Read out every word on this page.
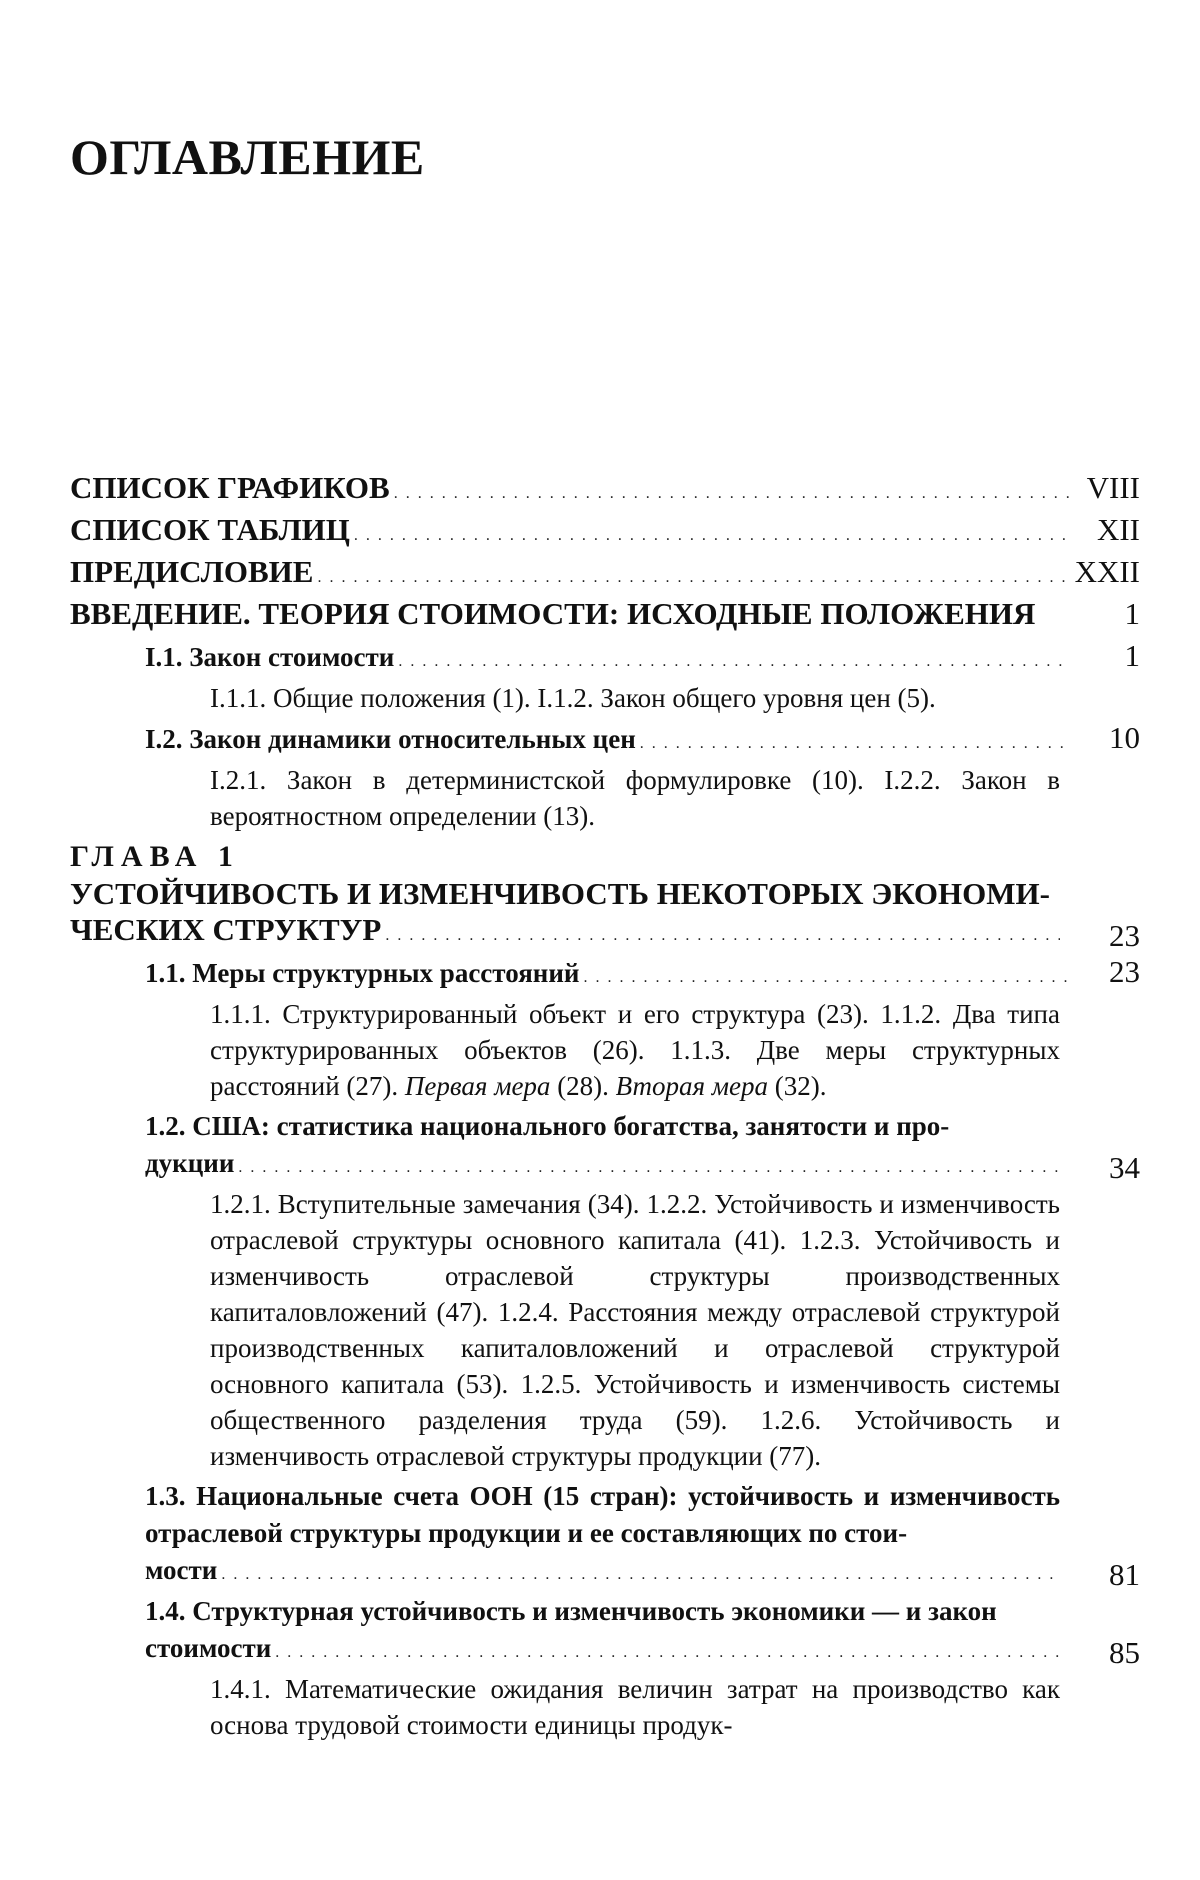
ОГЛАВЛЕНИЕ
СПИСОК ГРАФИКОВ . . .	VIII
СПИСОК ТАБЛИЦ . . .	XII
ПРЕДИСЛОВИЕ . . .	XXII
ВВЕДЕНИЕ. ТЕОРИЯ СТОИМОСТИ: ИСХОДНЫЕ ПОЛОЖЕНИЯ	1
I.1. Закон стоимости . . .	1
I.1.1. Общие положения (1). I.1.2. Закон общего уровня цен (5).
I.2. Закон динамики относительных цен . . .	10
I.2.1. Закон в детерминистской формулировке (10). I.2.2. Закон в вероятностном определении (13).
ГЛАВА 1
УСТОЙЧИВОСТЬ И ИЗМЕНЧИВОСТЬ НЕКОТОРЫХ ЭКОНОМИ-
ЧЕСКИХ СТРУКТУР . . .	23
1.1. Меры структурных расстояний . . .	23
1.1.1. Структурированный объект и его структура (23). 1.1.2. Два типа структурированных объектов (26). 1.1.3. Две меры структурных расстояний (27). Первая мера (28). Вторая мера (32).
1.2. США: статистика национального богатства, занятости и про-
дукции . . .	34
1.2.1. Вступительные замечания (34). 1.2.2. Устойчивость и изменчивость отраслевой структуры основного капитала (41). 1.2.3. Устойчивость и изменчивость отраслевой структуры производственных капиталовложений (47). 1.2.4. Расстояния между отраслевой структурой производственных капиталовложений и отраслевой структурой основного капитала (53). 1.2.5. Устойчивость и изменчивость системы общественного разделения труда (59). 1.2.6. Устойчивость и изменчивость отраслевой структуры продукции (77).
1.3. Национальные счета ООН (15 стран): устойчивость и изменчивость отраслевой структуры продукции и ее составляющих по стои-
мости . . .	81
1.4. Структурная устойчивость и изменчивость экономики — и закон
стоимости . . .	85
1.4.1. Математические ожидания величин затрат на производство как основа трудовой стоимости единицы продук-
